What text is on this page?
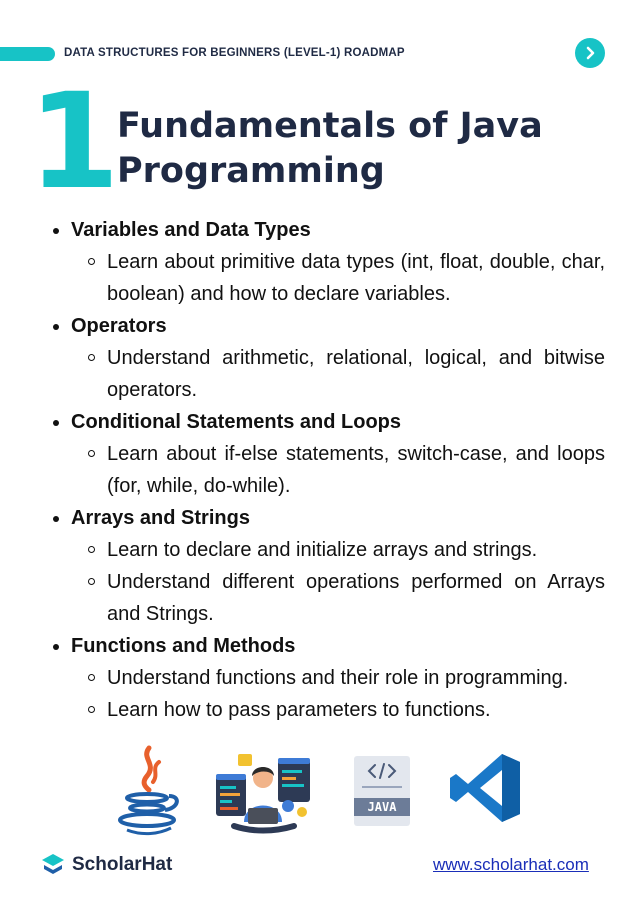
DATA STRUCTURES FOR BEGINNERS (LEVEL-1) ROADMAP
1 Fundamentals of Java
Programming

Variables and Data Types

Learn about primitive data types (int, float, double, char, boolean) and how to declare variables.

Operators

Understand arithmetic, relational, logical, and bitwise operators.

Conditional Statements and Loops

Learn about if-else statements, switch-case, and loops (for, while, do-while).

Arrays and Strings

Learn to declare and initialize arrays and strings.

Understand different operations performed on Arrays and Strings.

Functions and Methods

Understand functions and their role in programming.

Learn how to pass parameters to functions.

JAVA
ScholarHat	www.scholarhat.com
